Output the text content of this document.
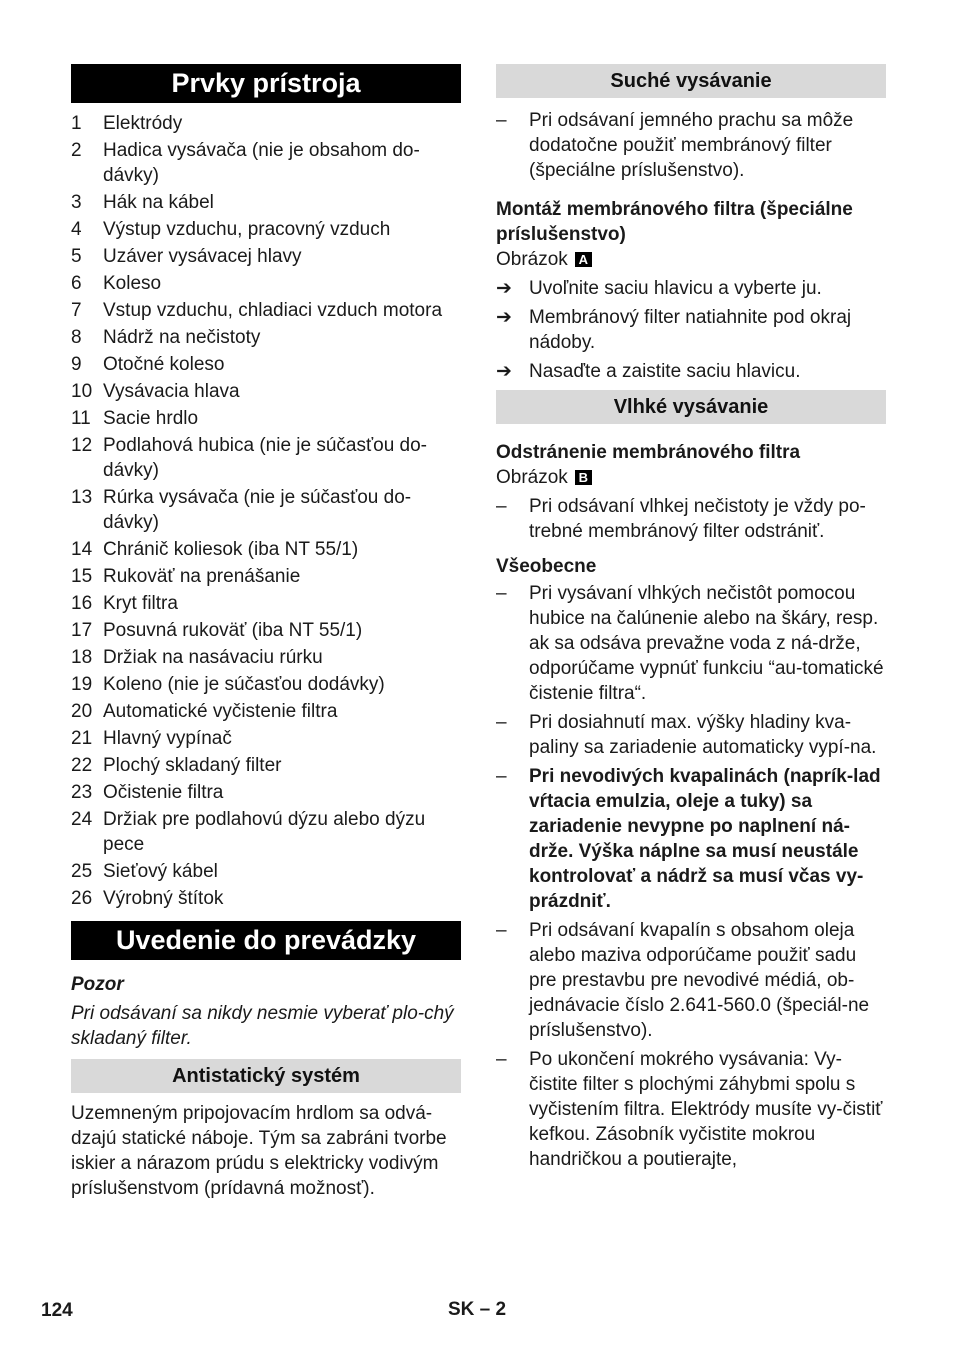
Prvky prístroja
1	Elektródy
2	Hadica vysávača (nie je obsahom do-dávky)
3	Hák na kábel
4	Výstup vzduchu, pracovný vzduch
5	Uzáver vysávacej hlavy
6	Koleso
7	Vstup vzduchu, chladiaci vzduch motora
8	Nádrž na nečistoty
9	Otočné koleso
10 Vysávacia hlava
11 Sacie hrdlo
12 Podlahová hubica (nie je súčasťou do-dávky)
13 Rúrka vysávača (nie je súčasťou do-dávky)
14 Chránič koliesok (iba NT 55/1)
15 Rukoväť na prenášanie
16 Kryt filtra
17 Posuvná rukoväť (iba NT 55/1)
18 Držiak na nasávaciu rúrku
19 Koleno (nie je súčasťou dodávky)
20 Automatické vyčistenie filtra
21 Hlavný vypínač
22 Plochý skladaný filter
23 Očistenie filtra
24 Držiak pre podlahovú dýzu alebo dýzu pece
25 Sieťový kábel
26 Výrobný štítok
Uvedenie do prevádzky
Pozor
Pri odsávaní sa nikdy nesmie vyberať plo-chý skladaný filter.
Antistatický systém
Uzemneným pripojovacím hrdlom sa odvá-dzajú statické náboje. Tým sa zabráni tvorbe iskier a nárazom prúdu s elektricky vodivým príslušenstvom (prídavná možnosť).
Suché vysávanie
–	Pri odsávaní jemného prachu sa môže dodatočne použiť membránový filter (špeciálne príslušenstvo).
Montáž membránového filtra (špeciálne príslušenstvo)
Obrázok A
➔ Uvoľnite saciu hlavicu a vyberte ju.
➔ Membránový filter natiahnite pod okraj nádoby.
➔ Nasaďte a zaistite saciu hlavicu.
Vlhké vysávanie
Odstránenie membránového filtra
Obrázok B
–	Pri odsávaní vlhkej nečistoty je vždy po-trebné membránový filter odstrániť.
Všeobecne
–	Pri vysávaní vlhkých nečistôt pomocou hubice na čalúnenie alebo na škáry, resp. ak sa odsáva prevažne voda z ná-drže, odporúčame vypnúť funkciu “au-tomatické čistenie filtra“.
–	Pri dosiahnutí max. výšky hladiny kva-paliny sa zariadenie automaticky vypí-na.
–	Pri nevodivých kvapalinách (naprík-lad vŕtacia emulzia, oleje a tuky) sa zariadenie nevypne po naplnení ná-drže. Výška náplne sa musí neustále kontrolovať a nádrž sa musí včas vy-prázdniť.
–	Pri odsávaní kvapalín s obsahom oleja alebo maziva odporúčame použiť sadu pre prestavbu pre nevodivé médiá, ob-jednávacie číslo 2.641-560.0 (špeciál-ne príslušenstvo).
–	Po ukončení mokrého vysávania: Vy-čistite filter s plochými záhybmi spolu s vyčistením filtra. Elektródy musíte vy-čistiť kefkou. Zásobník vyčistite mokrou handričkou a poutierajte,
124	SK – 2
